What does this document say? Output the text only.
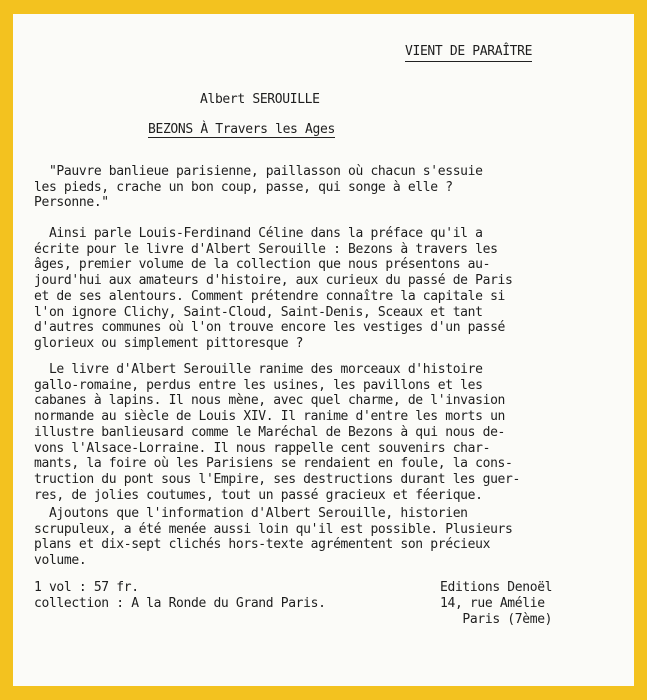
VIENT DE PARAÎTRE
Albert SEROUILLE
BEZONS À Travers les Ages
"Pauvre banlieue parisienne, paillasson où chacun s'essuie
les pieds, crache un bon coup, passe, qui songe à elle ?
Personne."
Ainsi parle Louis-Ferdinand Céline dans la préface qu'il a
écrite pour le livre d'Albert Serouille : Bezons à travers les
âges, premier volume de la collection que nous présentons au-
jourd'hui aux amateurs d'histoire, aux curieux du passé de Paris
et de ses alentours. Comment prétendre connaître la capitale si
l'on ignore Clichy, Saint-Cloud, Saint-Denis, Sceaux et tant
d'autres communes où l'on trouve encore les vestiges d'un passé
glorieux ou simplement pittoresque ?
Le livre d'Albert Serouille ranime des morceaux d'histoire
gallo-romaine, perdus entre les usines, les pavillons et les
cabanes à lapins. Il nous mène, avec quel charme, de l'invasion
normande au siècle de Louis XIV. Il ranime d'entre les morts un
illustre banlieusard comme le Maréchal de Bezons à qui nous de-
vons l'Alsace-Lorraine. Il nous rappelle cent souvenirs char-
mants, la foire où les Parisiens se rendaient en foule, la cons-
truction du pont sous l'Empire, ses destructions durant les guer-
res, de jolies coutumes, tout un passé gracieux et féerique.
Ajoutons que l'information d'Albert Serouille, historien
scrupuleux, a été menée aussi loin qu'il est possible. Plusieurs
plans et dix-sept clichés hors-texte agrémentent son précieux
volume.
1 vol : 57 fr.
collection : A la Ronde du Grand Paris.
Editions Denoël
14, rue Amélie
Paris (7ème)
